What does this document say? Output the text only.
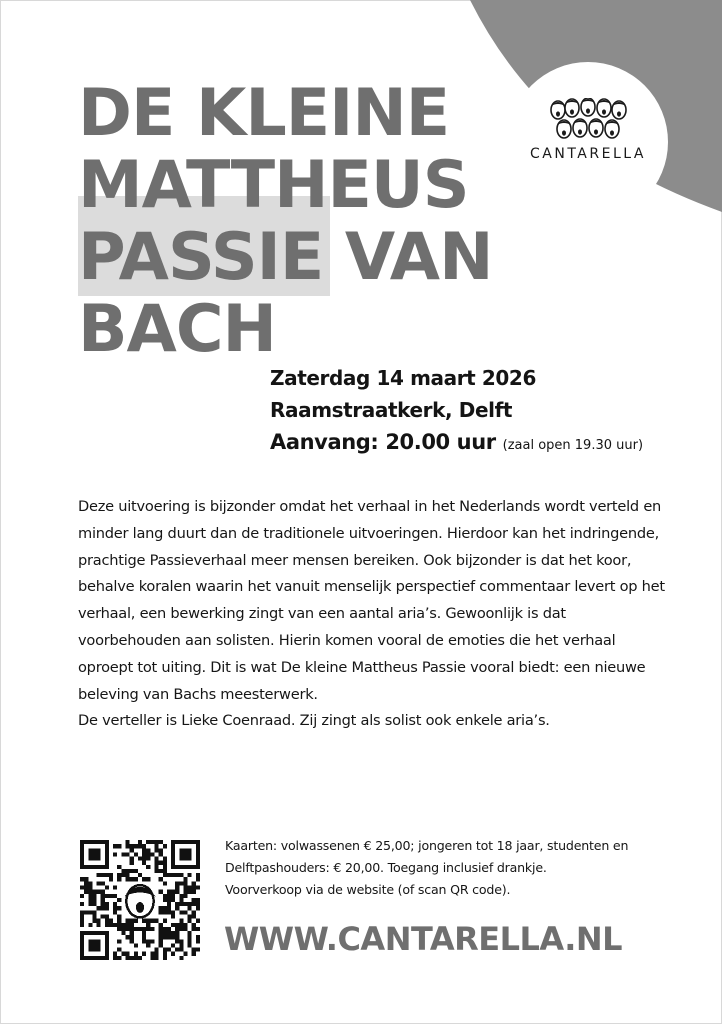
CANTARELLA
DE KLEINE
MATTHEUS
PASSIE VAN
BACH
Zaterdag 14 maart 2026
Raamstraatkerk, Delft
Aanvang: 20.00 uur (zaal open 19.30 uur)

Deze uitvoering is bijzonder omdat het verhaal in het Nederlands wordt verteld en minder lang duurt dan de traditionele uitvoeringen. Hierdoor kan het indringende, prachtige Passieverhaal meer mensen bereiken. Ook bijzonder is dat het koor, behalve koralen waarin het vanuit menselijk perspectief commentaar levert op het verhaal, een bewerking zingt van een aantal aria’s. Gewoonlijk is dat voorbehouden aan solisten. Hierin komen vooral de emoties die het verhaal oproept tot uiting. Dit is wat De kleine Mattheus Passie vooral biedt: een nieuwe beleving van Bachs meesterwerk.

De verteller is Lieke Coenraad. Zij zingt als solist ook enkele aria’s.

Kaarten: volwassenen € 25,00; jongeren tot 18 jaar, studenten en
Delftpashouders: € 20,00. Toegang inclusief drankje.
Voorverkoop via de website (of scan QR code).
WWW.CANTARELLA.NL
